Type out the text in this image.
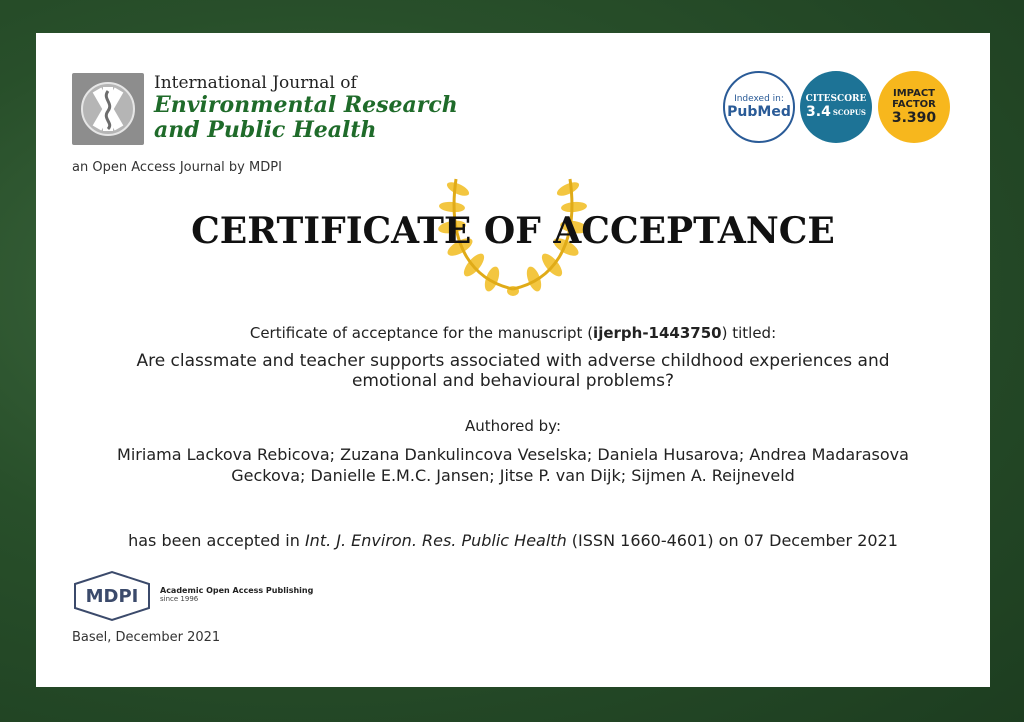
International Journal of
Environmental Research
and Public Health
an Open Access Journal by MDPI
Indexed in:
PubMed
CITESCORE
3.4 SCOPUS
IMPACT
FACTOR
3.390
CERTIFICATE OF ACCEPTANCE
Certificate of acceptance for the manuscript (ijerph-1443750) titled:
Are classmate and teacher supports associated with adverse childhood experiences and emotional and behavioural problems?
Authored by:
Miriama Lackova Rebicova; Zuzana Dankulincova Veselska; Daniela Husarova; Andrea Madarasova Geckova; Danielle E.M.C. Jansen; Jitse P. van Dijk; Sijmen A. Reijneveld
has been accepted in Int. J. Environ. Res. Public Health (ISSN 1660-4601) on 07 December 2021
MDPI	Academic Open Access Publishing
since 1996
Basel, December 2021
